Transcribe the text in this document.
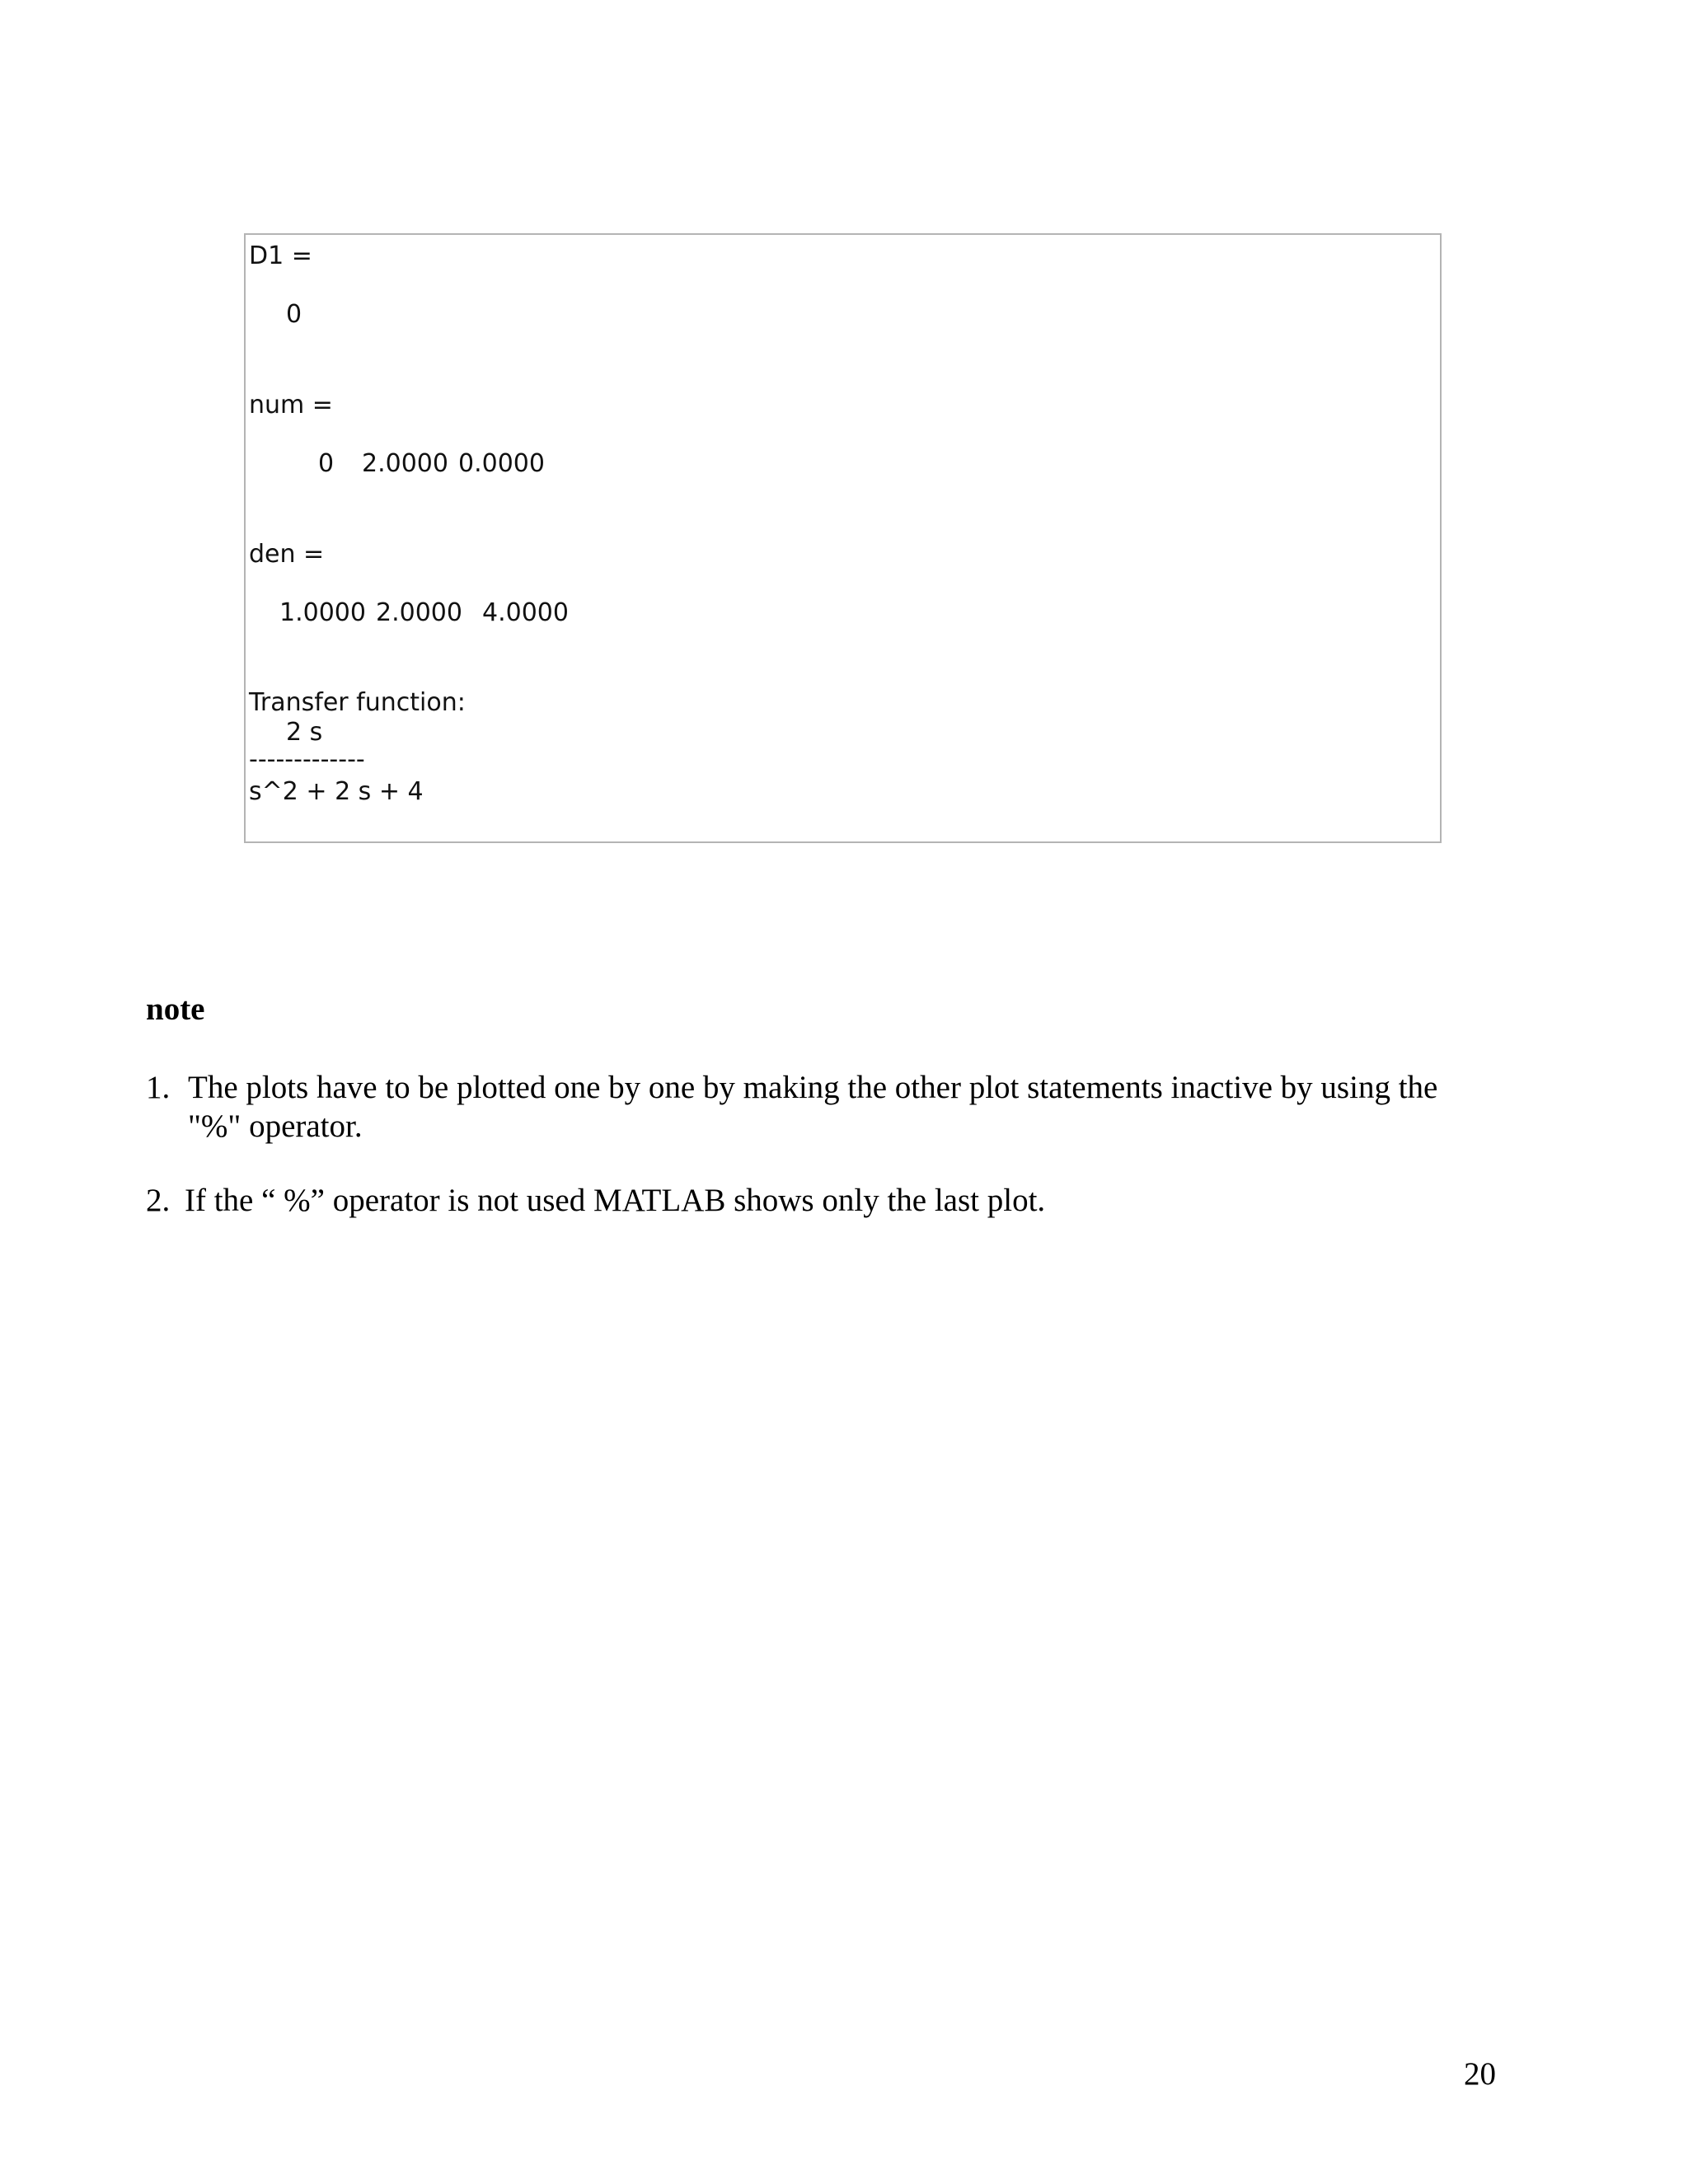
D1 =
0
num =
0 2.0000 0.0000
den =
1.0000 2.0000 4.0000
Transfer function:
2 s
-------------
s^2 + 2 s + 4
note
1. The plots have to be plotted one by one by making the other plot statements inactive by using the "%" operator.
2. If the “ %” operator is not used MATLAB shows only the last plot.
20
